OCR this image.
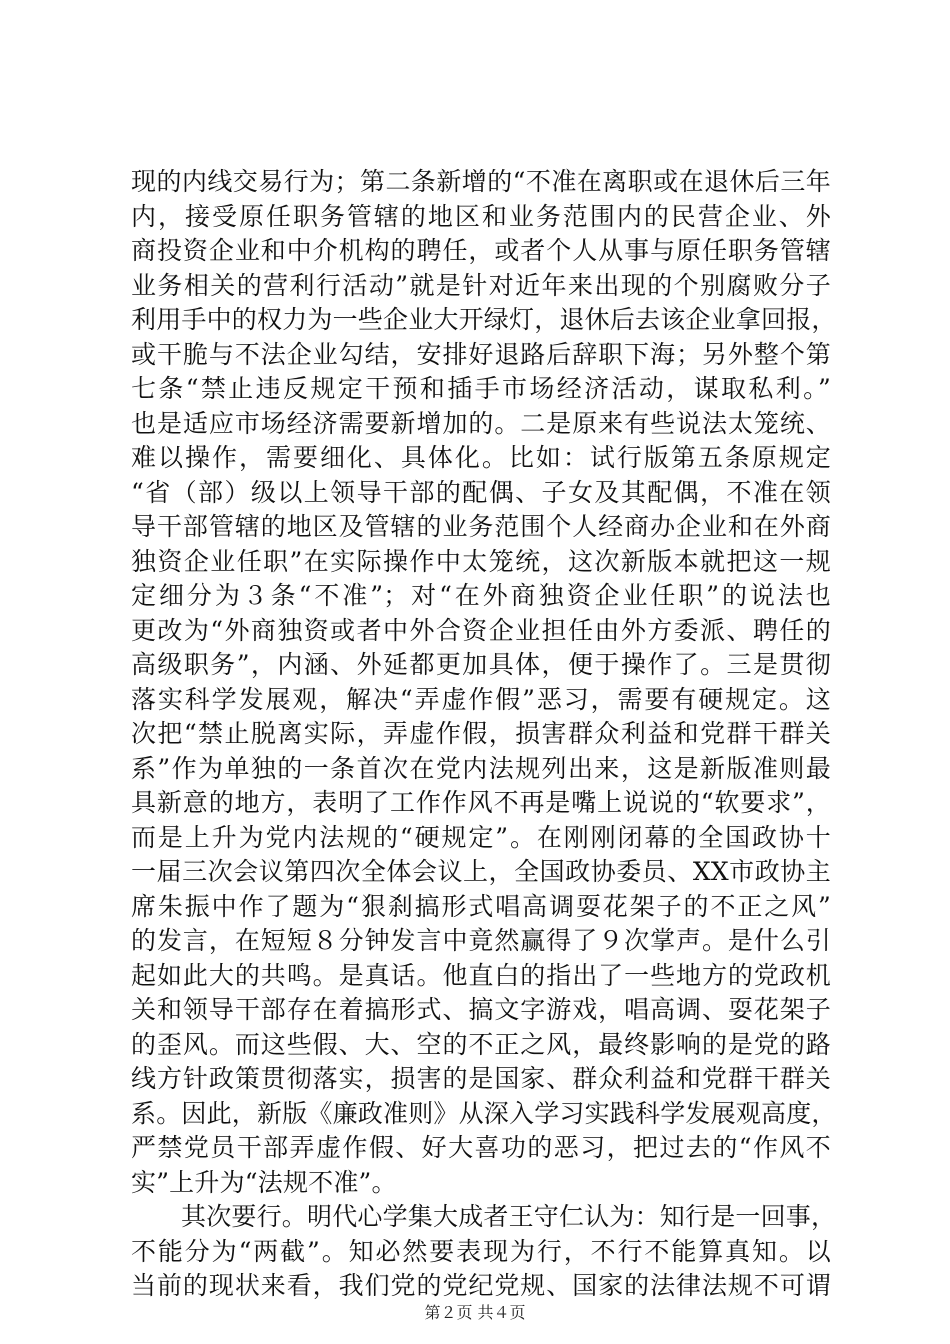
现的内线交易行为；第二条新增的“不准在离职或在退休后三年
内，接受原任职务管辖的地区和业务范围内的民营企业、外
商投资企业和中介机构的聘任，或者个人从事与原任职务管辖
业务相关的营利行活动”就是针对近年来出现的个别腐败分子
利用手中的权力为一些企业大开绿灯，退休后去该企业拿回报，
或干脆与不法企业勾结，安排好退路后辞职下海；另外整个第
七条“禁止违反规定干预和插手市场经济活动，谋取私利。”
也是适应市场经济需要新增加的。二是原来有些说法太笼统、
难以操作，需要细化、具体化。比如：试行版第五条原规定
“省（部）级以上领导干部的配偶、子女及其配偶，不准在领
导干部管辖的地区及管辖的业务范围个人经商办企业和在外商
独资企业任职”在实际操作中太笼统，这次新版本就把这一规
定细分为３条“不准”；对“在外商独资企业任职”的说法也
更改为“外商独资或者中外合资企业担任由外方委派、聘任的
高级职务”，内涵、外延都更加具体，便于操作了。三是贯彻
落实科学发展观，解决“弄虚作假”恶习，需要有硬规定。这
次把“禁止脱离实际，弄虚作假，损害群众利益和党群干群关
系”作为单独的一条首次在党内法规列出来，这是新版准则最
具新意的地方，表明了工作作风不再是嘴上说说的“软要求”，
而是上升为党内法规的“硬规定”。在刚刚闭幕的全国政协十
一届三次会议第四次全体会议上，全国政协委员、XX市政协主
席朱振中作了题为“狠刹搞形式唱高调耍花架子的不正之风”
的发言，在短短８分钟发言中竟然赢得了９次掌声。是什么引
起如此大的共鸣。是真话。他直白的指出了一些地方的党政机
关和领导干部存在着搞形式、搞文字游戏，唱高调、耍花架子
的歪风。而这些假、大、空的不正之风，最终影响的是党的路
线方针政策贯彻落实，损害的是国家、群众利益和党群干群关
系。因此，新版《廉政准则》从深入学习实践科学发展观高度，
严禁党员干部弄虚作假、好大喜功的恶习，把过去的“作风不
实”上升为“法规不准”。
其次要行。明代心学集大成者王守仁认为：知行是一回事，
不能分为“两截”。知必然要表现为行，不行不能算真知。以
当前的现状来看，我们党的党纪党规、国家的法律法规不可谓
第２页 共４页
